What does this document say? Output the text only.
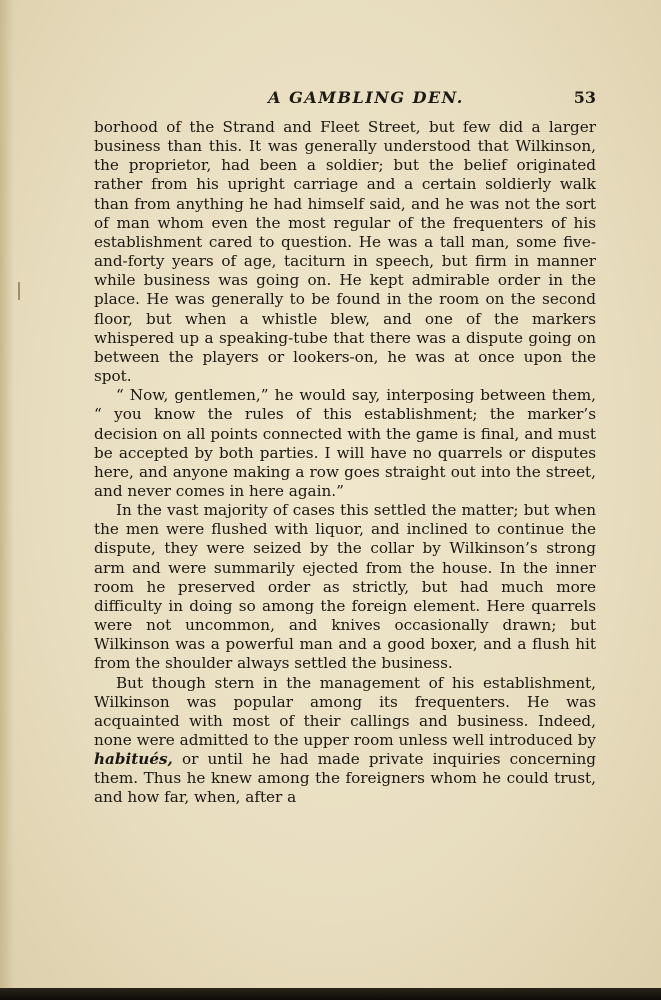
A GAMBLING DEN.	53

borhood of the Strand and Fleet Street, but few did a larger business than this. It was generally understood that Wilkinson, the proprietor, had been a soldier; but the belief originated rather from his upright carriage and a certain soldierly walk than from anything he had himself said, and he was not the sort of man whom even the most regular of the frequenters of his establishment cared to question. He was a tall man, some five-and-forty years of age, taciturn in speech, but firm in manner while business was going on. He kept admirable order in the place. He was generally to be found in the room on the second floor, but when a whistle blew, and one of the markers whispered up a speaking-tube that there was a dispute going on between the players or lookers-on, he was at once upon the spot.

“ Now, gentlemen,” he would say, interposing between them, “ you know the rules of this establishment; the marker’s decision on all points connected with the game is final, and must be accepted by both parties. I will have no quarrels or disputes here, and anyone making a row goes straight out into the street, and never comes in here again.”

In the vast majority of cases this settled the matter; but when the men were flushed with liquor, and inclined to continue the dispute, they were seized by the collar by Wilkinson’s strong arm and were summarily ejected from the house. In the inner room he preserved order as strictly, but had much more difficulty in doing so among the foreign element. Here quarrels were not uncommon, and knives occasionally drawn; but Wilkinson was a powerful man and a good boxer, and a flush hit from the shoulder always settled the business.

But though stern in the management of his establishment, Wilkinson was popular among its frequenters. He was acquainted with most of their callings and business. Indeed, none were admitted to the upper room unless well introduced by habitués, or until he had made private inquiries concerning them. Thus he knew among the foreigners whom he could trust, and how far, when, after a
